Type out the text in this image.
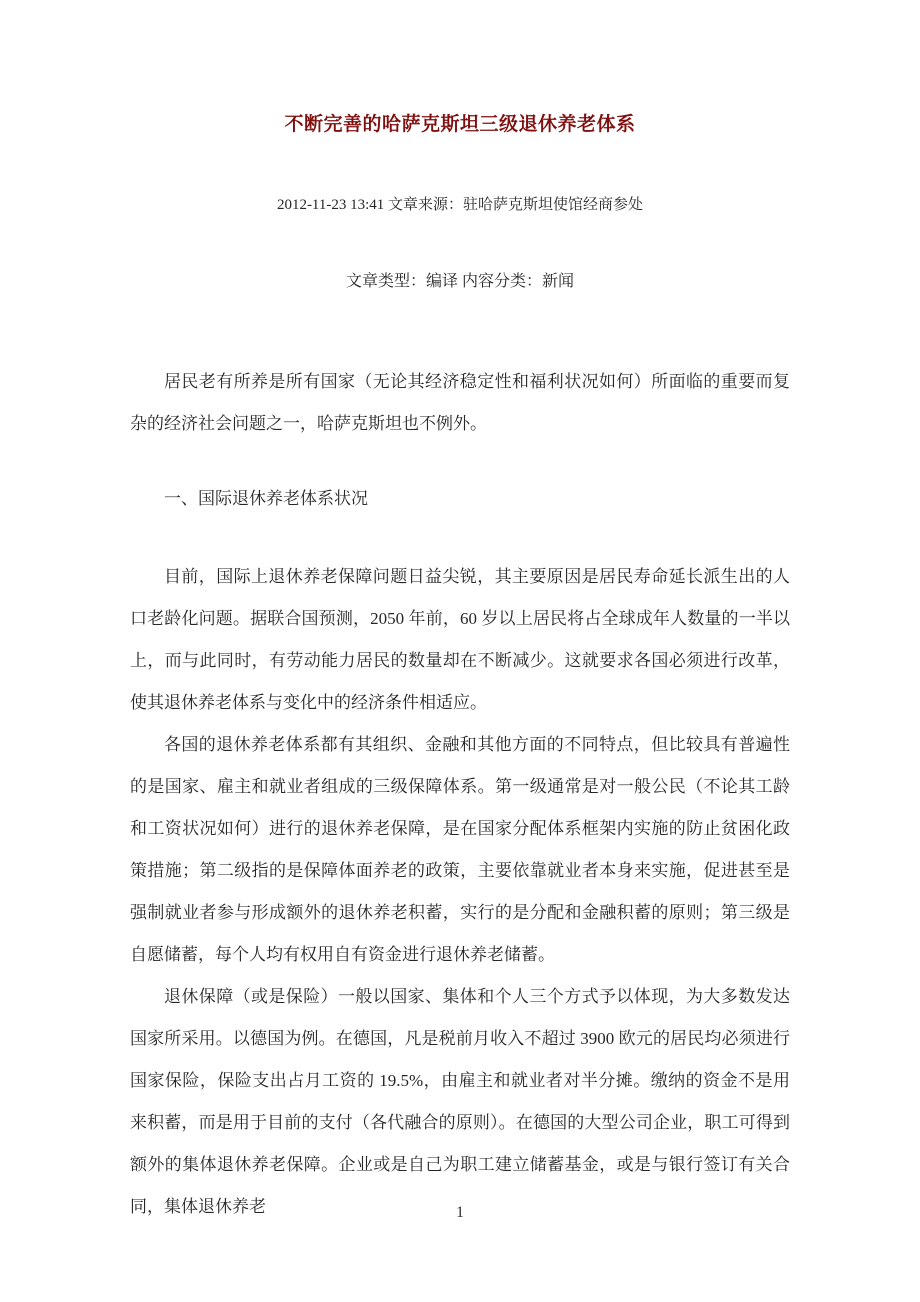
不断完善的哈萨克斯坦三级退休养老体系

2012-11-23 13:41 文章来源：驻哈萨克斯坦使馆经商参处

文章类型：编译 内容分类：新闻

居民老有所养是所有国家（无论其经济稳定性和福利状况如何）所面临的重要而复杂的经济社会问题之一，哈萨克斯坦也不例外。

一、国际退休养老体系状况

目前，国际上退休养老保障问题日益尖锐，其主要原因是居民寿命延长派生出的人口老龄化问题。据联合国预测，2050 年前，60 岁以上居民将占全球成年人数量的一半以上，而与此同时，有劳动能力居民的数量却在不断减少。这就要求各国必须进行改革，使其退休养老体系与变化中的经济条件相适应。

各国的退休养老体系都有其组织、金融和其他方面的不同特点，但比较具有普遍性的是国家、雇主和就业者组成的三级保障体系。第一级通常是对一般公民（不论其工龄和工资状况如何）进行的退休养老保障，是在国家分配体系框架内实施的防止贫困化政策措施；第二级指的是保障体面养老的政策，主要依靠就业者本身来实施，促进甚至是强制就业者参与形成额外的退休养老积蓄，实行的是分配和金融积蓄的原则；第三级是自愿储蓄，每个人均有权用自有资金进行退休养老储蓄。

退休保障（或是保险）一般以国家、集体和个人三个方式予以体现，为大多数发达国家所采用。以德国为例。在德国，凡是税前月收入不超过 3900 欧元的居民均必须进行国家保险，保险支出占月工资的 19.5%，由雇主和就业者对半分摊。缴纳的资金不是用来积蓄，而是用于目前的支付（各代融合的原则）。在德国的大型公司企业，职工可得到额外的集体退休养老保障。企业或是自己为职工建立储蓄基金，或是与银行签订有关合同，集体退休养老	1
